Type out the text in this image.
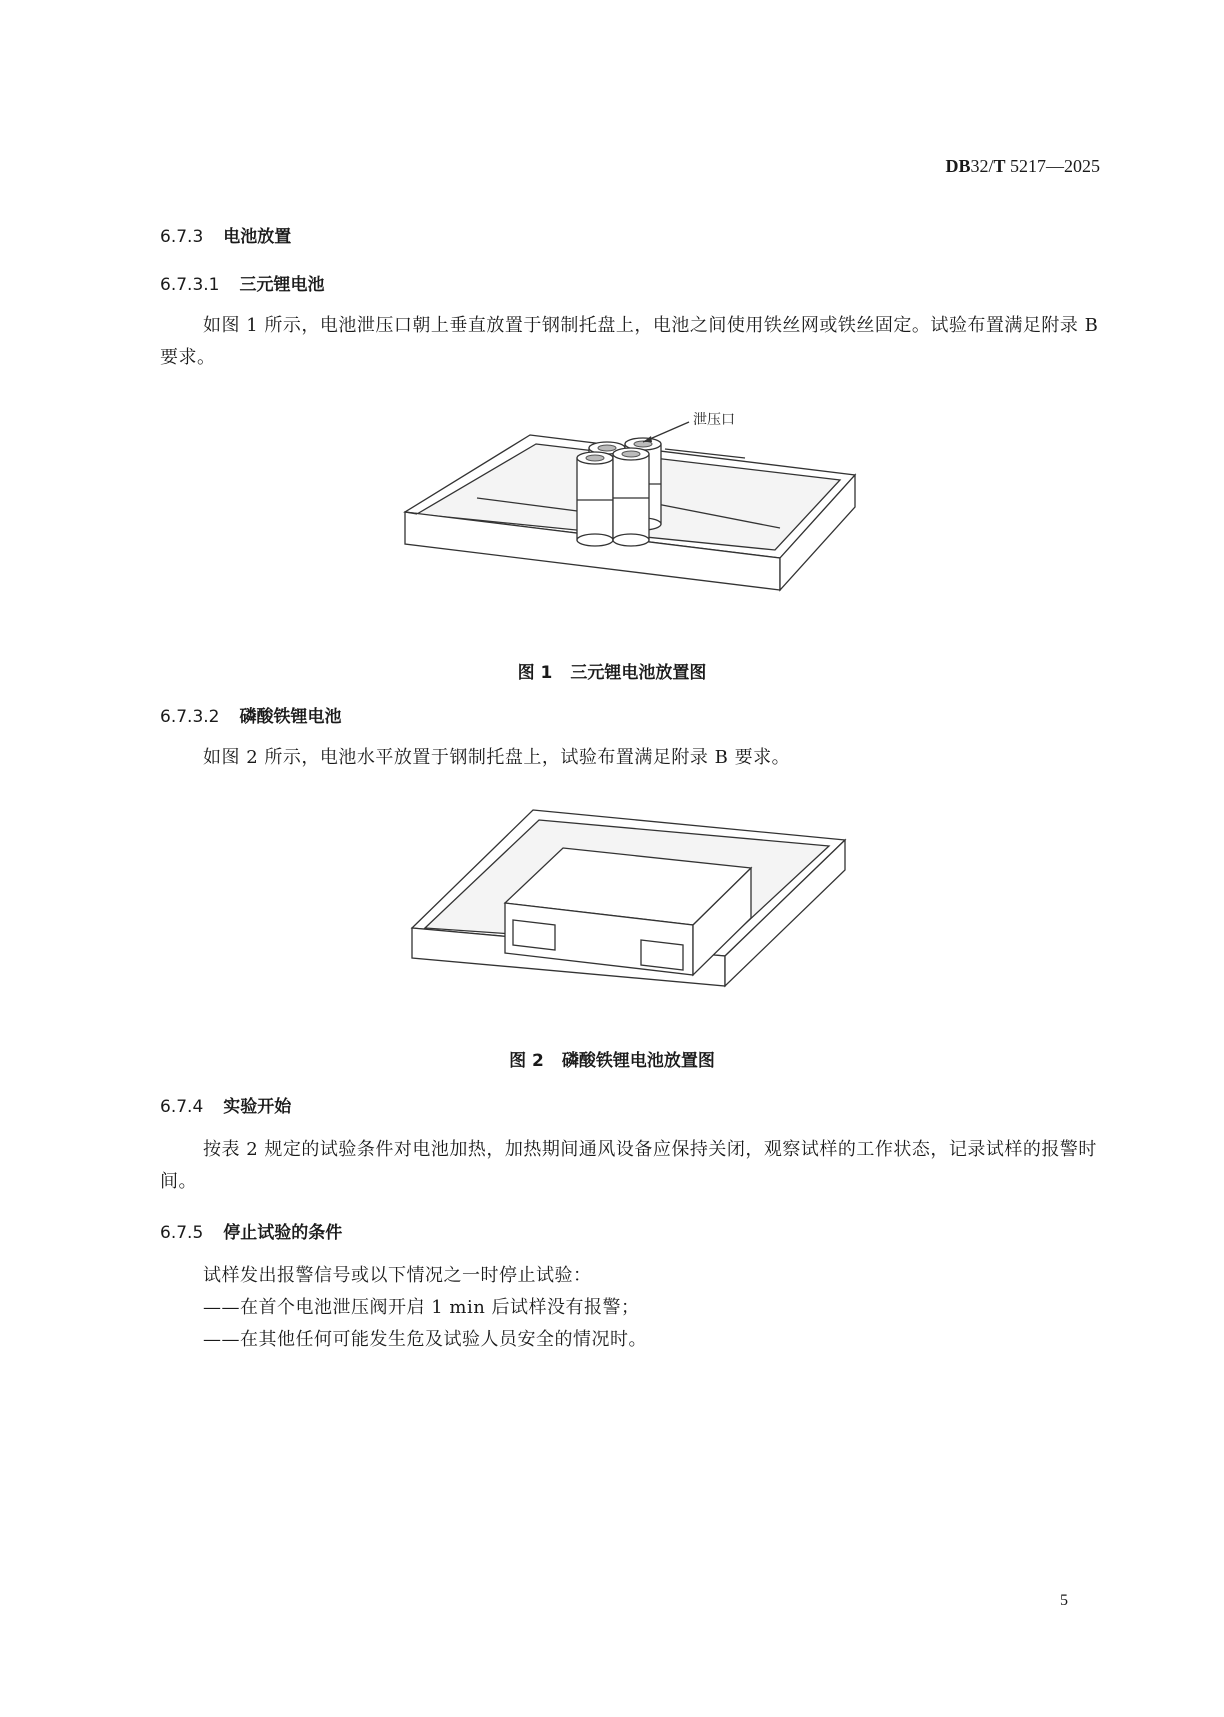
DB32/T 5217—2025
6.7.3 电池放置
6.7.3.1 三元锂电池
如图 1 所示，电池泄压口朝上垂直放置于钢制托盘上，电池之间使用铁丝网或铁丝固定。试验布置满足附录 B 要求。
泄压口
图 1 三元锂电池放置图
6.7.3.2 磷酸铁锂电池
如图 2 所示，电池水平放置于钢制托盘上，试验布置满足附录 B 要求。
图 2 磷酸铁锂电池放置图
6.7.4 实验开始
按表 2 规定的试验条件对电池加热，加热期间通风设备应保持关闭，观察试样的工作状态，记录试样的报警时间。
6.7.5 停止试验的条件
试样发出报警信号或以下情况之一时停止试验：
——在首个电池泄压阀开启 1 min 后试样没有报警；
——在其他任何可能发生危及试验人员安全的情况时。
5
